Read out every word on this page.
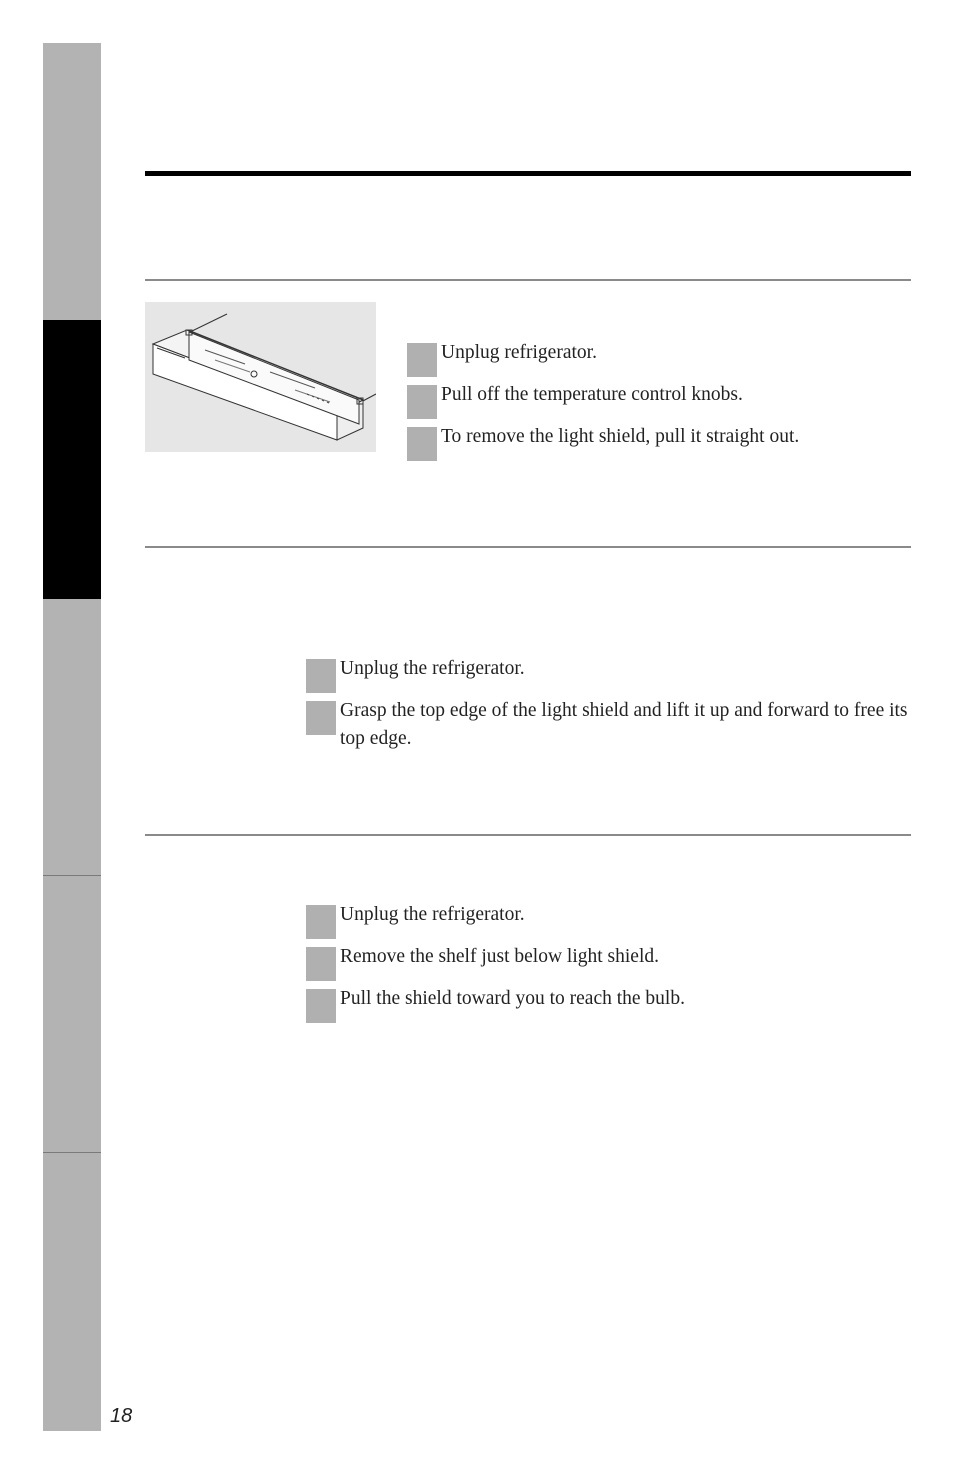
Unplug refrigerator.
Pull off the temperature control knobs.
To remove the light shield, pull it straight out.
Unplug the refrigerator.
Grasp the top edge of the light shield and lift it up and forward to free its top edge.
Unplug the refrigerator.
Remove the shelf just below light shield.
Pull the shield toward you to reach the bulb.
18
